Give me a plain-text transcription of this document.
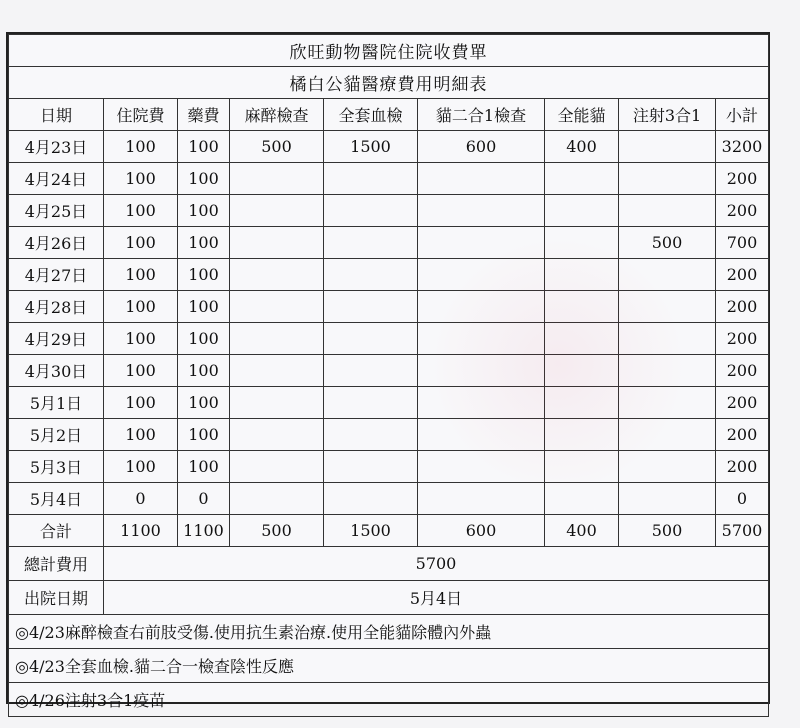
欣旺動物醫院住院收費單								
橘白公貓醫療費用明細表								
日期	住院費	藥費	麻醉檢查	全套血檢	貓二合1檢查	全能貓	注射3合1	小計
4月23日	100	100	500	1500	600	400		3200
4月24日	100	100						200
4月25日	100	100						200
4月26日	100	100					500	700
4月27日	100	100						200
4月28日	100	100						200
4月29日	100	100						200
4月30日	100	100						200
5月1日	100	100						200
5月2日	100	100						200
5月3日	100	100						200
5月4日	0	0						0
合計	1100	1100	500	1500	600	400	500	5700
總計費用	5700							
出院日期	5月4日							
◎4/23麻醉檢查右前肢受傷.使用抗生素治療.使用全能貓除體內外蟲								
◎4/23全套血檢.貓二合一檢查陰性反應								
◎4/26注射3合1疫苗								
